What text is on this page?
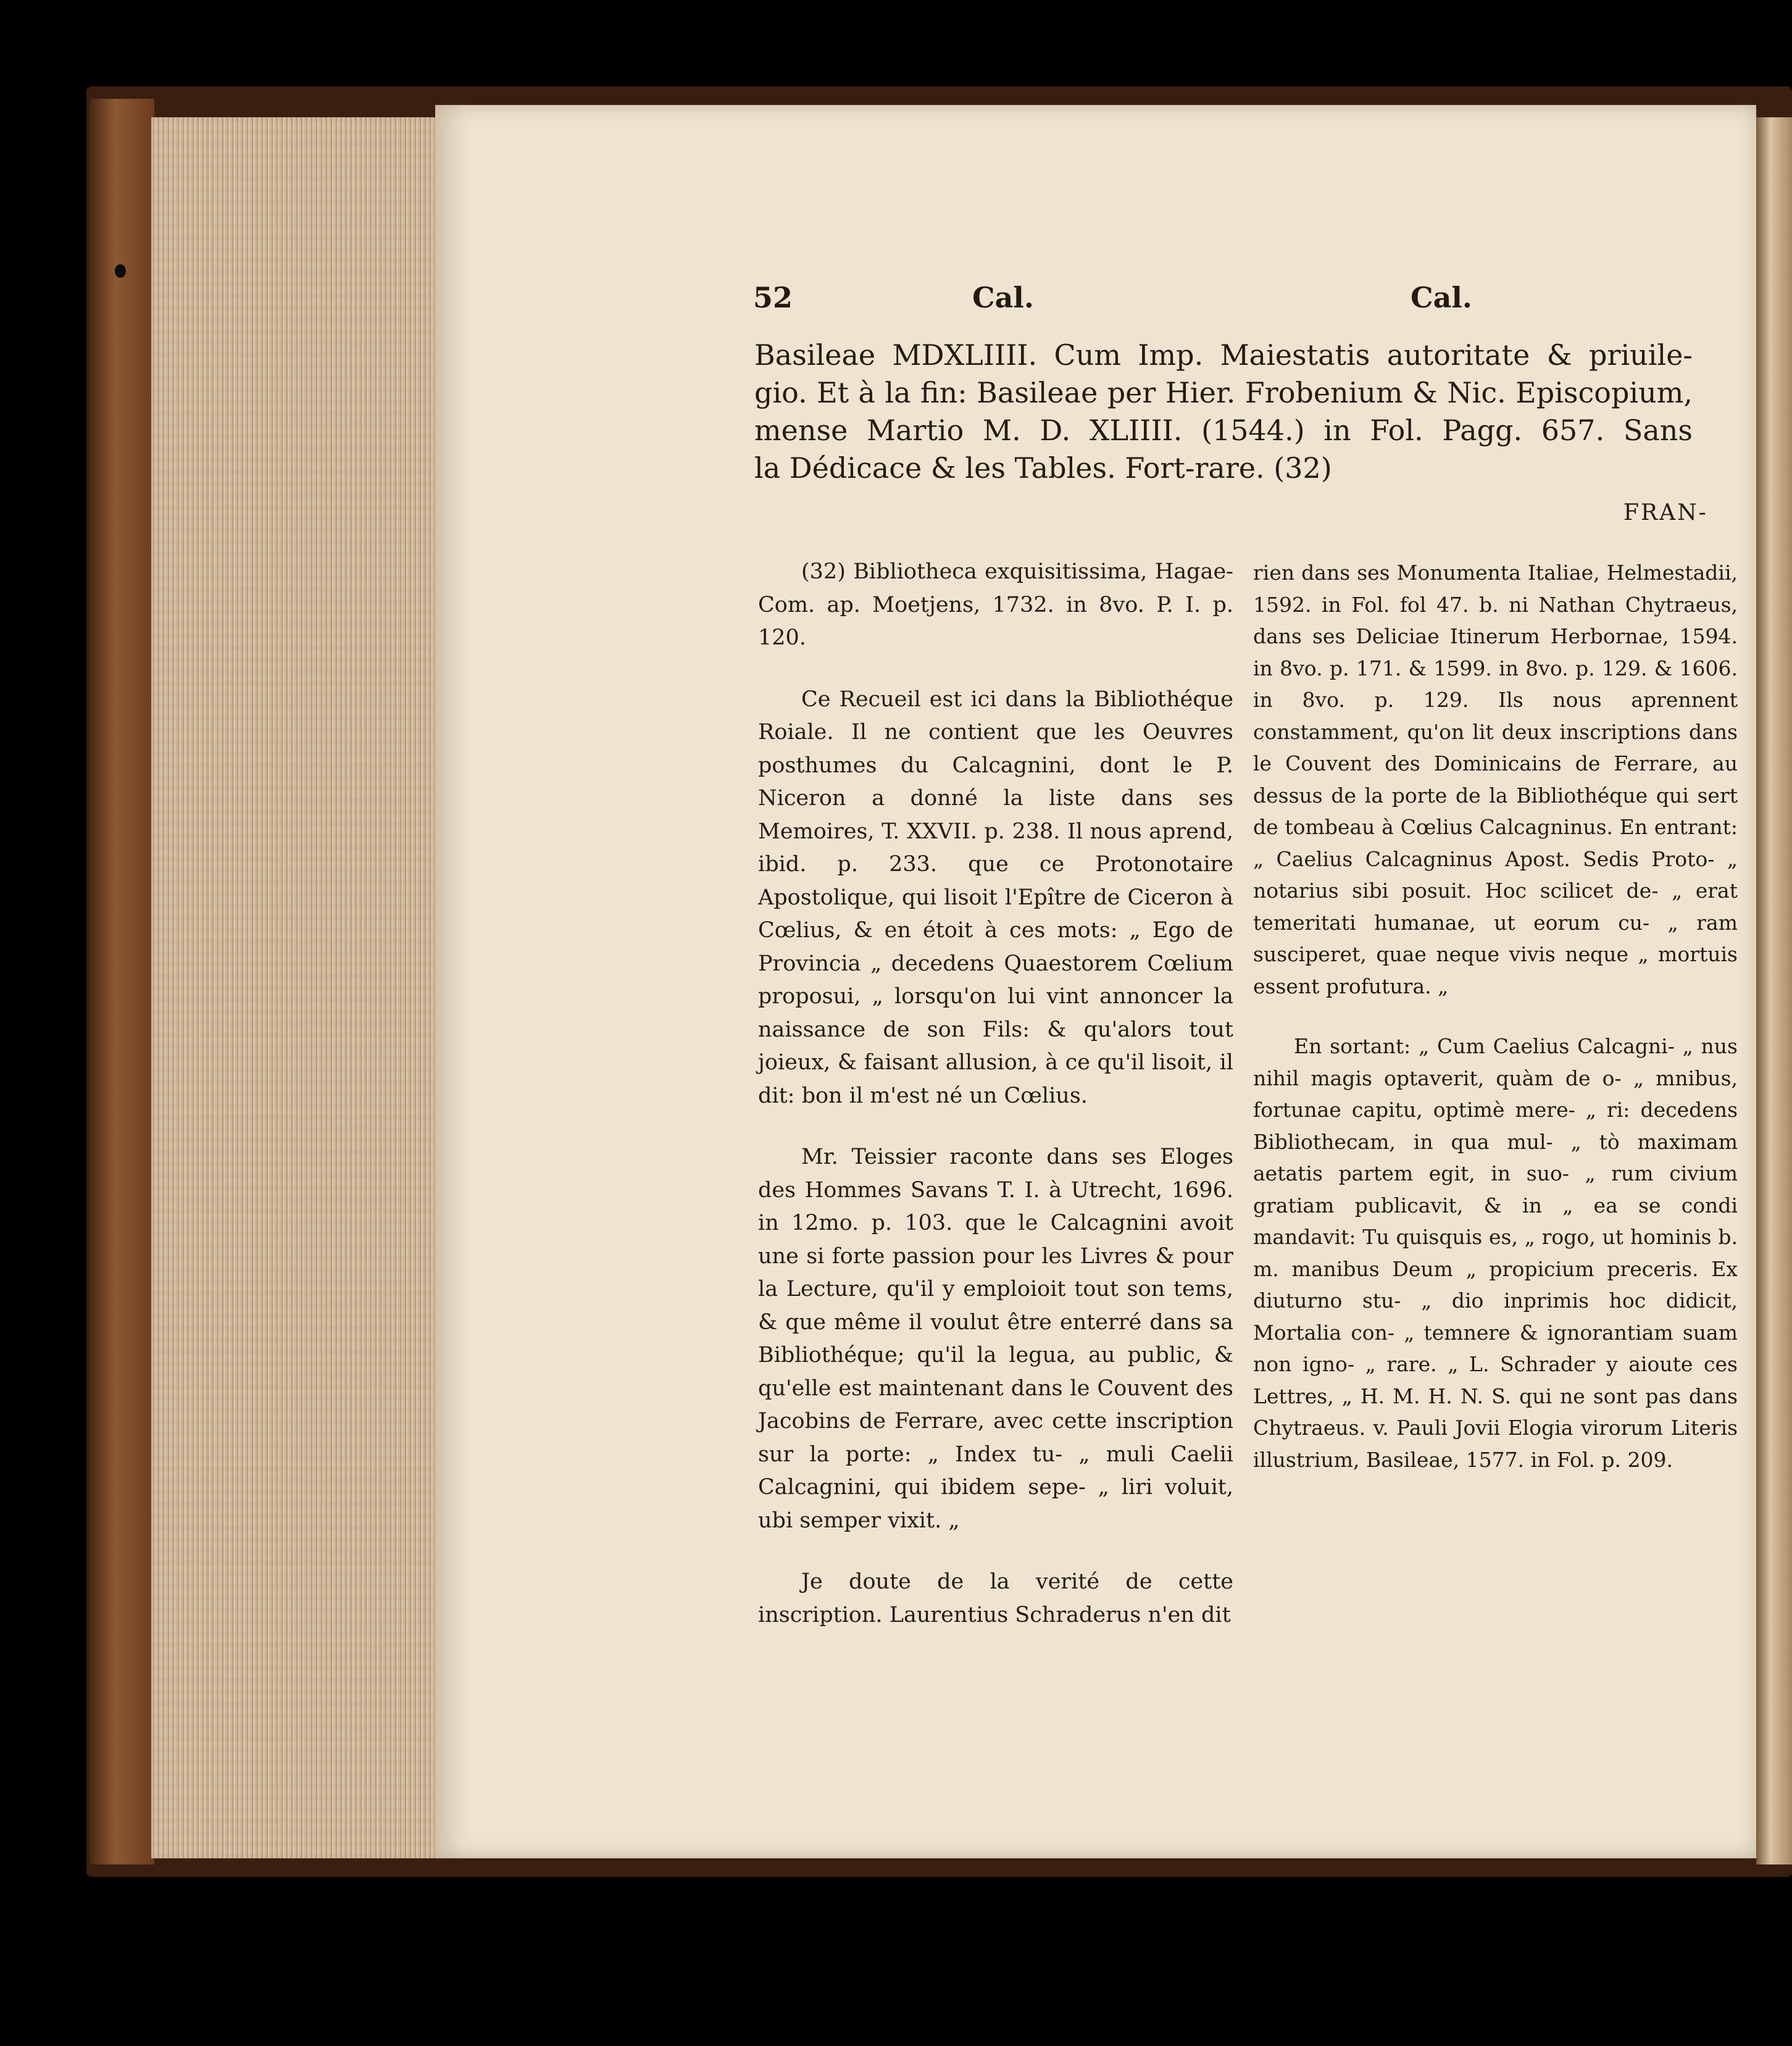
52	Cal.	Cal.
Basileae MDXLIIII. Cum Imp. Maiestatis autoritate & priuile-
gio. Et à la fin: Basileae per Hier. Frobenium & Nic. Episcopium,
mense Martio M. D. XLIIII. (1544.) in Fol. Pagg. 657. Sans
la Dédicace & les Tables. Fort-rare. (32)
FRAN-

(32) Bibliotheca exquisitissima, Hagae-Com. ap. Moetjens, 1732. in 8vo. P. I. p. 120.

Ce Recueil est ici dans la Bibliothéque Roiale. Il ne contient que les Oeuvres posthumes du Calcagnini, dont le P. Niceron a donné la liste dans ses Memoires, T. XXVII. p. 238. Il nous aprend, ibid. p. 233. que ce Protonotaire Apostolique, qui lisoit l'Epître de Ciceron à Cœlius, & en étoit à ces mots: „ Ego de Provincia „ decedens Quaestorem Cœlium proposui, „ lorsqu'on lui vint annoncer la naissance de son Fils: & qu'alors tout joieux, & faisant allusion, à ce qu'il lisoit, il dit: bon il m'est né un Cœlius.

Mr. Teissier raconte dans ses Eloges des Hommes Savans T. I. à Utrecht, 1696. in 12mo. p. 103. que le Calcagnini avoit une si forte passion pour les Livres & pour la Lecture, qu'il y emploioit tout son tems, & que même il voulut être enterré dans sa Bibliothéque; qu'il la legua, au public, & qu'elle est maintenant dans le Couvent des Jacobins de Ferrare, avec cette inscription sur la porte: „ Index tu- „ muli Caelii Calcagnini, qui ibidem sepe- „ liri voluit, ubi semper vixit. „

Je doute de la verité de cette inscription. Laurentius Schraderus n'en dit

rien dans ses Monumenta Italiae, Helmestadii, 1592. in Fol. fol 47. b. ni Nathan Chytraeus, dans ses Deliciae Itinerum Herbornae, 1594. in 8vo. p. 171. & 1599. in 8vo. p. 129. & 1606. in 8vo. p. 129. Ils nous aprennent constamment, qu'on lit deux inscriptions dans le Couvent des Dominicains de Ferrare, au dessus de la porte de la Bibliothéque qui sert de tombeau à Cœlius Calcagninus. En entrant: „ Caelius Calcagninus Apost. Sedis Proto- „ notarius sibi posuit. Hoc scilicet de- „ erat temeritati humanae, ut eorum cu- „ ram susciperet, quae neque vivis neque „ mortuis essent profutura. „

En sortant: „ Cum Caelius Calcagni- „ nus nihil magis optaverit, quàm de o- „ mnibus, fortunae capitu, optimè mere- „ ri: decedens Bibliothecam, in qua mul- „ tò maximam aetatis partem egit, in suo- „ rum civium gratiam publicavit, & in „ ea se condi mandavit: Tu quisquis es, „ rogo, ut hominis b. m. manibus Deum „ propicium preceris. Ex diuturno stu- „ dio inprimis hoc didicit, Mortalia con- „ temnere & ignorantiam suam non igno- „ rare. „ L. Schrader y aioute ces Lettres, „ H. M. H. N. S. qui ne sont pas dans Chytraeus. v. Pauli Jovii Elogia virorum Literis illustrium, Basileae, 1577. in Fol. p. 209.
